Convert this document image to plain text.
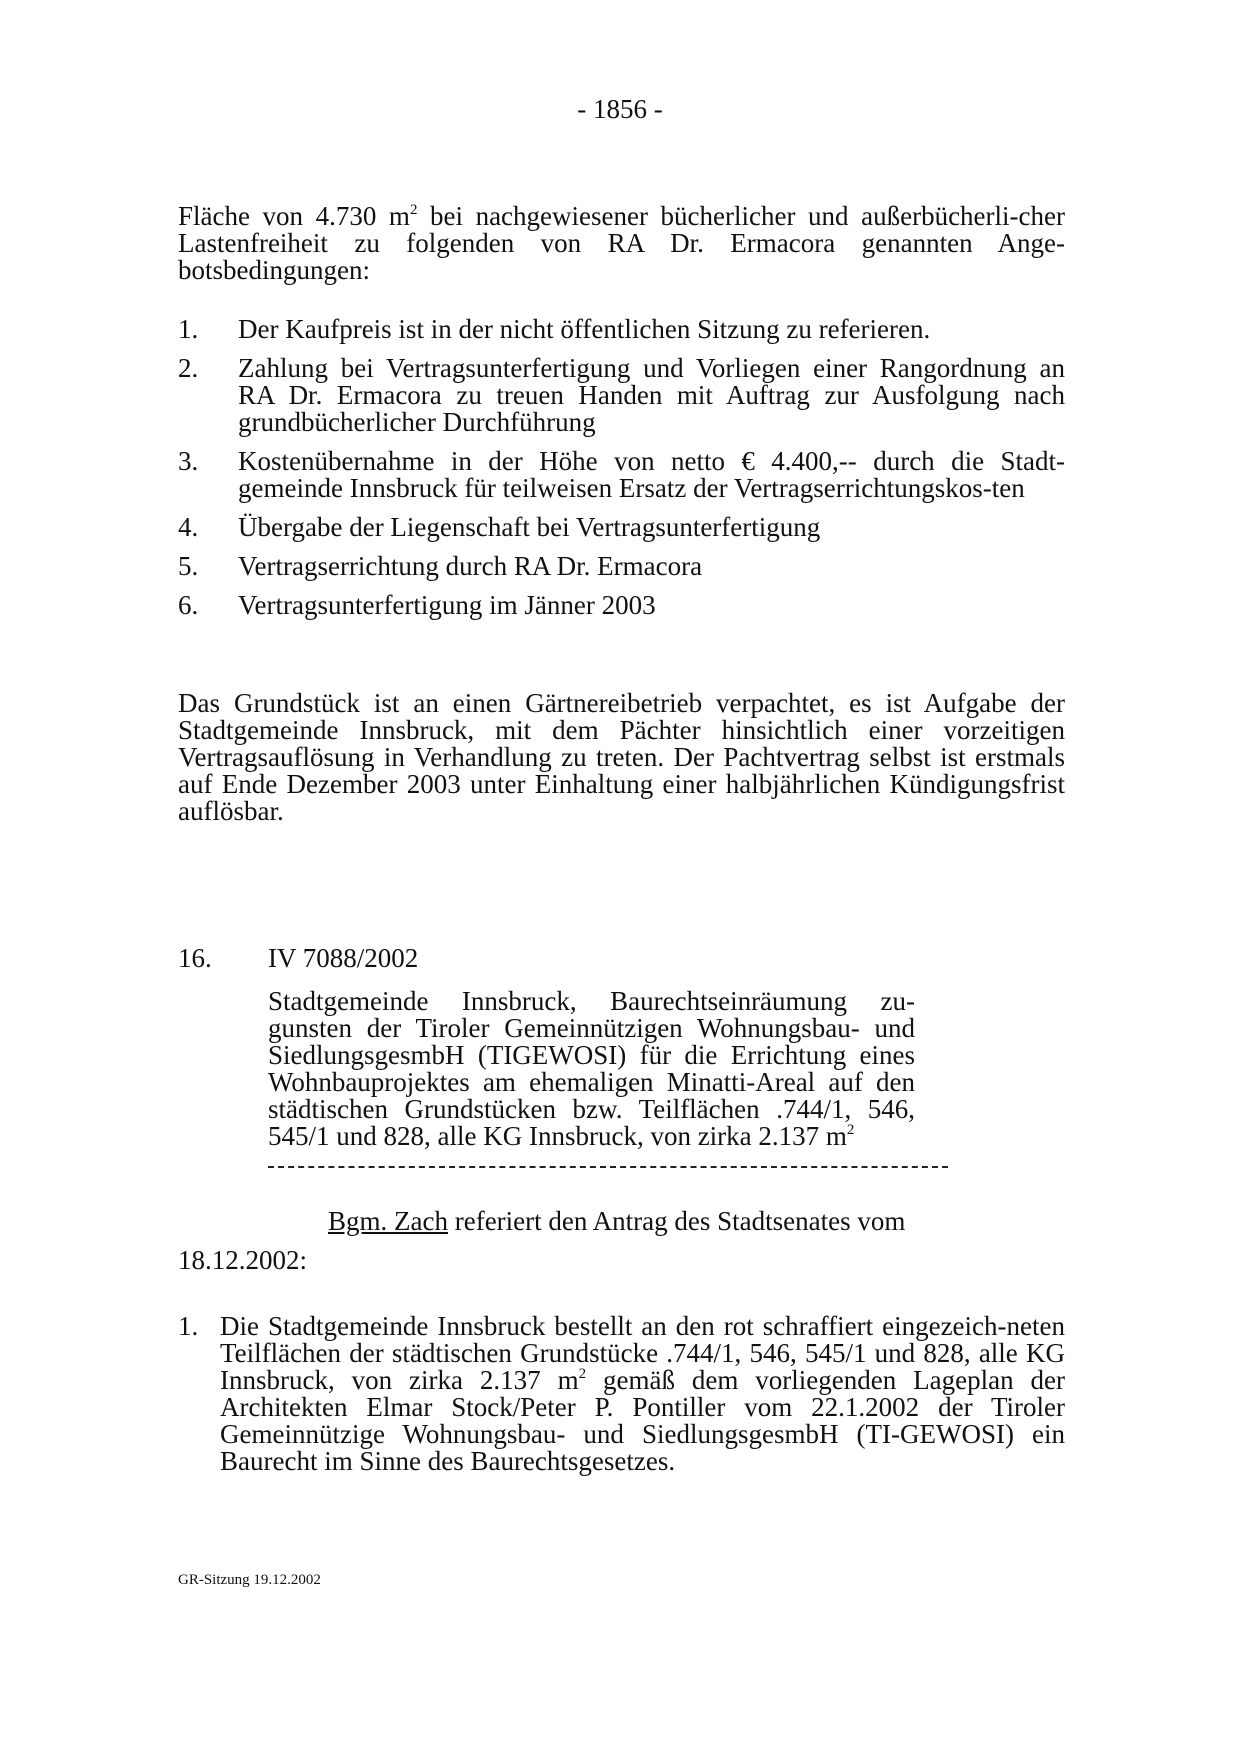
- 1856 -
Fläche von 4.730 $m^2$ bei nachgewiesener bücherlicher und außerbücherli-cher Lastenfreiheit zu folgenden von RA Dr. Ermacora genannten Ange-botsbedingungen:
1.	Der Kaufpreis ist in der nicht öffentlichen Sitzung zu referieren.
2.	Zahlung bei Vertragsunterfertigung und Vorliegen einer Rangordnung an RA Dr. Ermacora zu treuen Handen mit Auftrag zur Ausfolgung nach grundbücherlicher Durchführung
3.	Kostenübernahme in der Höhe von netto € 4.400,-- durch die Stadt-gemeinde Innsbruck für teilweisen Ersatz der Vertragserrichtungskos-ten
4.	Übergabe der Liegenschaft bei Vertragsunterfertigung
5.	Vertragserrichtung durch RA Dr. Ermacora
6.	Vertragsunterfertigung im Jänner 2003
Das Grundstück ist an einen Gärtnereibetrieb verpachtet, es ist Aufgabe der Stadtgemeinde Innsbruck, mit dem Pächter hinsichtlich einer vorzeitigen Vertragsauflösung in Verhandlung zu treten. Der Pachtvertrag selbst ist erstmals auf Ende Dezember 2003 unter Einhaltung einer halbjährlichen Kündigungsfrist auflösbar.
16.	IV 7088/2002
Stadtgemeinde Innsbruck, Baurechtseinräumung zu-gunsten der Tiroler Gemeinnützigen Wohnungsbau- und SiedlungsgesmbH (TIGEWOSI) für die Errichtung eines Wohnbauprojektes am ehemaligen Minatti-Areal auf den städtischen Grundstücken bzw. Teilflächen .744/1, 546, 545/1 und 828, alle KG Innsbruck, von zirka 2.137 $m^2$
Bgm. Zach referiert den Antrag des Stadtsenates vom
18.12.2002:
1. Die Stadtgemeinde Innsbruck bestellt an den rot schraffiert eingezeich-neten Teilflächen der städtischen Grundstücke .744/1, 546, 545/1 und 828, alle KG Innsbruck, von zirka 2.137 $m^2$ gemäß dem vorliegenden Lageplan der Architekten Elmar Stock/Peter P. Pontiller vom 22.1.2002 der Tiroler Gemeinnützige Wohnungsbau- und SiedlungsgesmbH (TI-GEWOSI) ein Baurecht im Sinne des Baurechtsgesetzes.
GR-Sitzung 19.12.2002
